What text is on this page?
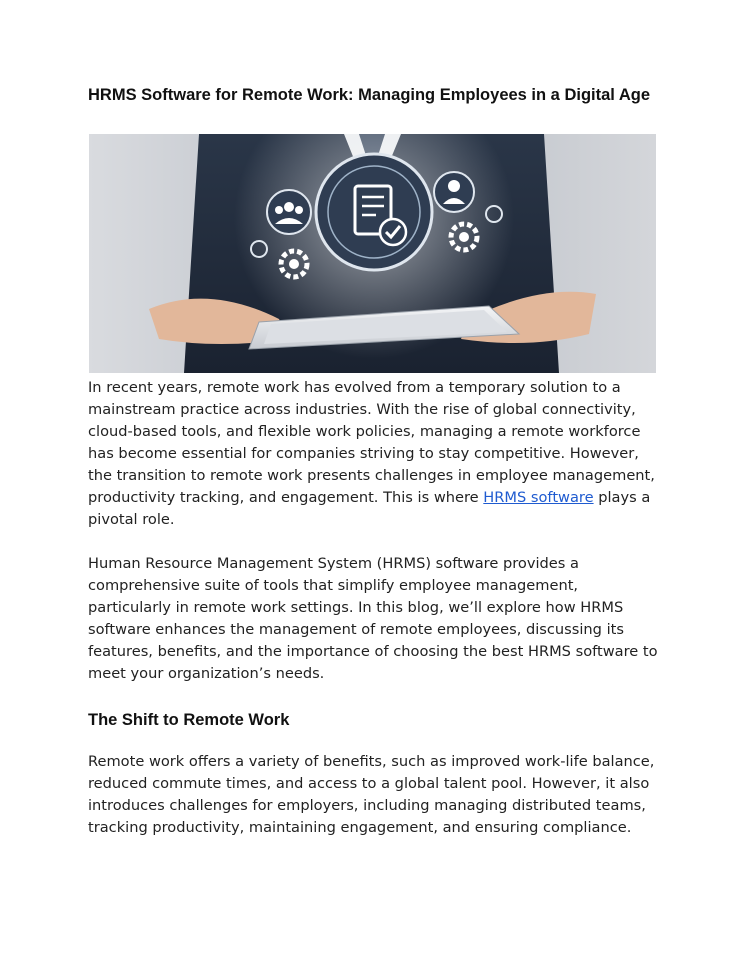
HRMS Software for Remote Work: Managing Employees in a Digital Age

In recent years, remote work has evolved from a temporary solution to a mainstream practice across industries. With the rise of global connectivity, cloud-based tools, and flexible work policies, managing a remote workforce has become essential for companies striving to stay competitive. However, the transition to remote work presents challenges in employee management, productivity tracking, and engagement. This is where HRMS software plays a pivotal role.

Human Resource Management System (HRMS) software provides a comprehensive suite of tools that simplify employee management, particularly in remote work settings. In this blog, we’ll explore how HRMS software enhances the management of remote employees, discussing its features, benefits, and the importance of choosing the best HRMS software to meet your organization’s needs.

The Shift to Remote Work

Remote work offers a variety of benefits, such as improved work-life balance, reduced commute times, and access to a global talent pool. However, it also introduces challenges for employers, including managing distributed teams, tracking productivity, maintaining engagement, and ensuring compliance.
